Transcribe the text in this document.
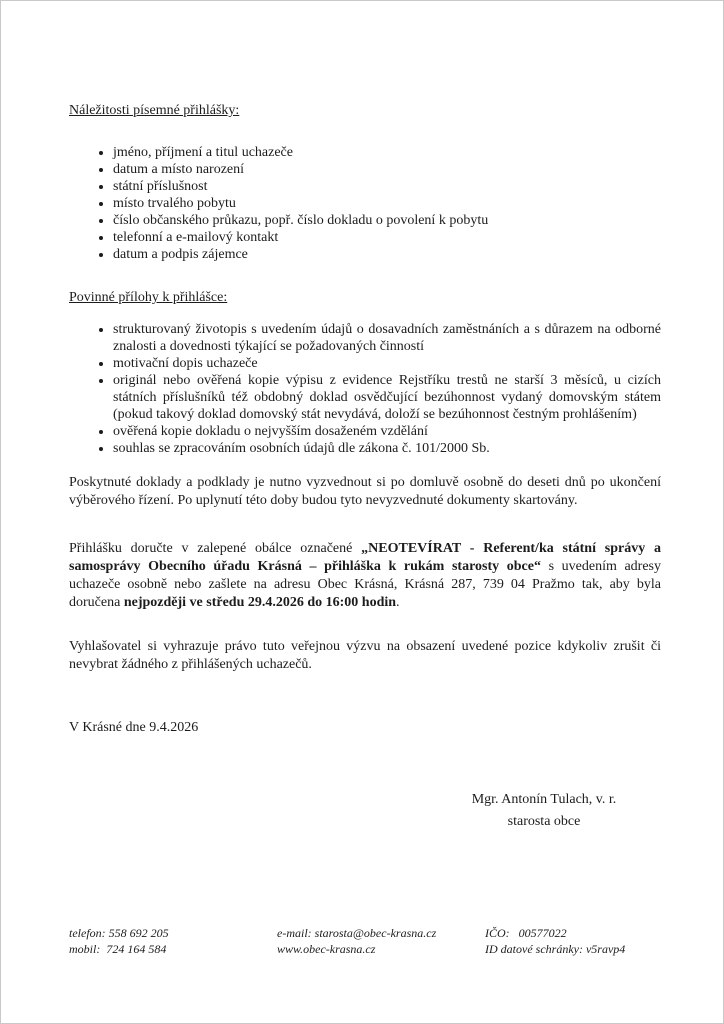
Náležitosti písemné přihlášky:
• jméno, příjmení a titul uchazeče
• datum a místo narození
• státní příslušnost
• místo trvalého pobytu
• číslo občanského průkazu, popř. číslo dokladu o povolení k pobytu
• telefonní a e-mailový kontakt
• datum a podpis zájemce
Povinné přílohy k přihlášce:
• strukturovaný životopis s uvedením údajů o dosavadních zaměstnáních a s důrazem na odborné znalosti a dovednosti týkající se požadovaných činností
• motivační dopis uchazeče
• originál nebo ověřená kopie výpisu z evidence Rejstříku trestů ne starší 3 měsíců, u cizích státních příslušníků též obdobný doklad osvědčující bezúhonnost vydaný domovským státem (pokud takový doklad domovský stát nevydává, doloží se bezúhonnost čestným prohlášením)
• ověřená kopie dokladu o nejvyšším dosaženém vzdělání
• souhlas se zpracováním osobních údajů dle zákona č. 101/2000 Sb.

Poskytnuté doklady a podklady je nutno vyzvednout si po domluvě osobně do deseti dnů po ukončení výběrového řízení. Po uplynutí této doby budou tyto nevyzvednuté dokumenty skartovány.

Přihlášku doručte v zalepené obálce označené „NEOTEVÍRAT - Referent/ka státní správy a samosprávy Obecního úřadu Krásná – přihláška k rukám starosty obce“ s uvedením adresy uchazeče osobně nebo zašlete na adresu Obec Krásná, Krásná 287, 739 04 Pražmo tak, aby byla doručena nejpozději ve středu 29.4.2026 do 16:00 hodin.

Vyhlašovatel si vyhrazuje právo tuto veřejnou výzvu na obsazení uvedené pozice kdykoliv zrušit či nevybrat žádného z přihlášených uchazečů.

V Krásné dne 9.4.2026

Mgr. Antonín Tulach, v. r.
starosta obce
telefon: 558 692 205
mobil:  724 164 584
e-mail: starosta@obec-krasna.cz
www.obec-krasna.cz
IČO:   00577022
ID datové schránky: v5ravp4
